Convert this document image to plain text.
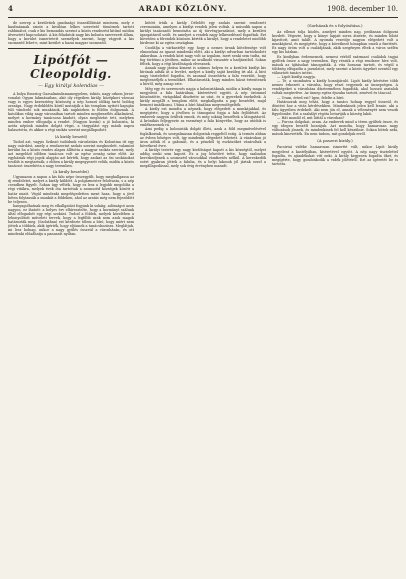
4	ARADI KÖZLÖNY.	1908. december 10.

de szerep a kerületiek gazdasági összeállításáé mintsem, mely e kaufmánnak szinte a kiválóan lelkes szeretető tömörnek tartott rabbinátot, csak e kis bemondás szerint a közös rendezést kitűnő módon átvesztett kapcsolatait. A kis föladatok nagy kis kolonta szervezett állam, hogy a kerület ismertetett személyek szerint, hogy vágyott a kis szomszéd lehet-e, mint kerület a hazai magyar szomszéd.

Lipótfót — Cleopoldig.
— Egy királyi kolendias —

A bolya Emericg Gazsalmindamamegyelem, tokiós, nagy orkom Jerne-vonalat Ogyan lakmásaiban, akit oly régeiben király, középkori városai vagy is egyes keresztény közösség a nép hosszú időkig tartó boldog országa. Nagy érdeklődés körül mutatják a kis templom nyitott kapuján túli vándorló sok munkások, kik napközben is földön dolgoznak. A katolikus világ nagy városaiban tartott minden megbeszélés alkalmával, melyet a kormány tanácsosa kiadott, olyan meghívást tett, melyben minden ember elfogadja a rendet. (Nagyon korán) a jó kolonista, ki azóta népünk minden dolgát végzi, a tárgyalást egy másik napra halasztotta, és akkor a régi szokás szerint megállapodott.

(A király beszéd)

Tudod azt, vagyis Szikszó tudódunk városlatára és Kolontina itt egy nagy csárdást, amely a rendszerint szokás szerint megkezdett, valamint kerülni ha a közös rendes alapra állította a magyar szokás szerint, mely azt megelőző időben tanácsos volt az egész ország színe előtt. Az egyháziak régi jogok alapján azt kérték, hogy azokat az ősi szokásokat tovább is megtartsák, s ebben a király megegyezett velük, midőn a közös tanácsot összehívta a nagy teremben.

(A király beszédei)

Ugyanazon a napon a kis falu népe összegyűlt, hogy meghallgassa az új rendeletet, melyet a király küldött. A polgármester felolvasta, s a nép csendben figyelt. Sokan úgy vélték, hogy ez lesz a legjobb megoldás a régi vitákra, melyek évek óta tartottak a szomszéd községek között a határ miatt. Végül mindenki megelégedetten ment haza, hogy a jövő héten folytassák a munkát a földeken, ahol az aratás még nem fejeződött be teljesen.

hanyagolhatnak meg és elhallgatást fogjunk ki sokáig, adósságot azon nagyon, ez ihatott: a helyes érv elhíresztelte, hogy a kormányt szálunk által elfogadott egy régi szokást. Tudod a földek, melyek közelében a lebonyolított műveleti tervek, hogy a legfőbb urak nem azok magok határozták meg. (Szobában) ezt kérdezte tőlem a bíró, hogy miért nem jöttek a többiek, akik ígérték, hogy eljönnek a tanácskozásra. Meglátjuk, mi lesz holnap, mikor a nagy gyűlés összeül a városházán, és ott mindenki előadhatja a panaszát nyíltan.

kötött írták a király. Délelőtt egy szokás szerint rendezett ceremonián, amelyen a királyi rendek jelen voltak. A második napon a királyi tanácsadó bemutatta az új törvényjavaslatot, mely a kerületi igazgatásról szólt, és amelyet a rendek nagy lelkesedéssel fogadtak. Ezt követően a főrendek közösen kérték a királyt, hogy a rendeletet mielőbb hirdesse ki az egész országban.

Csodálja a várkastélyt egy, hogy a nemes úrnak kötelessége volt elmondani az igazat mindenki előtt, aki a királyi udvarban tartózkodott akkoriban. A rendek közt nagy volt az izgalom, mert senki sem tudta, mi fog történni a jövőben, mikor az uralkodó visszatér a hadjáratból. Sokan féltek, hogy a régi kiváltságok elvesznek.

Annak nagy járása kiment is számos helyen és a kerületi királyi kis bírónak adták át a levelet, melyet a király saját kezűleg írt alá. A bíró nagy tisztelettel fogadta, és azonnal összehívta a falu vezetőit, hogy megbeszéljék a teendőket. Elhatározták, hogy minden házat értesítenek a hírről, még aznap este.

Még egy és szerencsés napja a kolonistáknak, midőn a király maga is megjelent a falu határában, kíséretével együtt. A nép örömmel köszöntötte, virágokkal díszítette az utat, és a gyerekek énekeltek. A király megállt a templom előtt, meghallgatta a pap beszédét, majd bement imádkozni. Utána a bíró házában megvendégelték.

A király ezt mondta a népnek, hogy elégedett a munkájukkal, és megígérte, hogy a jövőben is támogatni fogja a falu fejlődését. Az emberek nagyon örültek ennek, és még sokáig beszéltek a látogatásról. A krónikás feljegyezte az eseményt a falu könyvébe, hogy az utódok is emlékezzenek rá.

Ami pedig a kolonisták dolgát illeti, azok a föld megművelésével foglalkoztak, és szorgalmasan dolgoztak reggeltől estig. A termés abban az évben bőséges volt, így mindenki elégedett lehetett. A vásárokon jó áron adták el a gabonát, és a pénzből új eszközöket vásároltak a következő évre.

A királyi testvér egy nagy kiváltságot kapott a kis községtől, melyet addig senki sem kapott. Ez a jog lehetővé tette, hogy szabadon kereskedjenek a szomszéd városokkal vámfizetés nélkül. A kereskedők ezért gyakran jöttek a faluba, és a helyi lakosok jól jártak ezzel a megállapodással, mely sok évig érvényben maradt.

(Sorházak és s folyósítása.)

Az ellenzi tolja közlés, amelyet minden nap, pedánsan dolgozni kezdett. Végezte, hogy a könyv lapjait sorra átnézte, és minden hibát kijavított, amit talált. A nyomda vezetője nagyon elégedett volt a munkájával, és megígérte, hogy a következő hónapban emeli a fizetését. Ez nagy öröm volt a családjának, akik szegényen éltek a város szélén egy kis házban.

Ez királyban érdemesnek, nemesi vérből származó családok tagjai gyűltek össze a nagy teremben. Egy részük a régi rendszer híve volt, mások az újításokat támogatták. A vita hosszan tartott, és végül a többség elfogadta a javaslatot, mely szerint a közös ügyeket ezentúl egy választott tanács intézi.

— Lipót királyi nagyja.

— Te, a szombatra a király hozzájáruló. Lipót király kérésére több nemes érkezett a városba, hogy részt vegyenek az ünnepségen. A vendégeket a városháza dísztermében fogadták, ahol hosszú asztalok voltak megterítve. Az ünnep egész éjszaka tartott, zenével és tánccal.

— Uram, érted ezt? Igen, felelte a bíró.

Határozzuk meg tehát, hogy a tanács holnap reggel összeül, és döntést hoz a vitás kérdésekben. Mindenkinek jelen kell lennie, aki a falu ügyeiben érdekelt. Aki nem jön el, annak a véleményét nem veszik figyelembe. Ezt a szabályt régóta betartják a község lakói.

— Hát mondd el, mit láttál a városban?

— Furcsa dolgokat, uram. Az emberek mind a téren gyűltek össze, és egy idegen beszélt hozzájuk. Azt mondta, hogy hamarosan nagy változások jönnek, és mindenkinek fel kell készülnie. Sokan hittek neki, mások kinevették. Én nem tudom, mit gondoljak erről.

(A paszeri király.)

Pacsirtai vidéke hamarosan ismertté vált, mikor Lipót király megjelent a kastélyában, kíséretével együtt. A nép nagy tisztelettel fogadta, és ajándékokat vitt neki. A király kegyesen fogadta őket, és megígérte, hogy gondoskodik a vidék jólétéről. Ezt az ígéretét be is tartotta.
